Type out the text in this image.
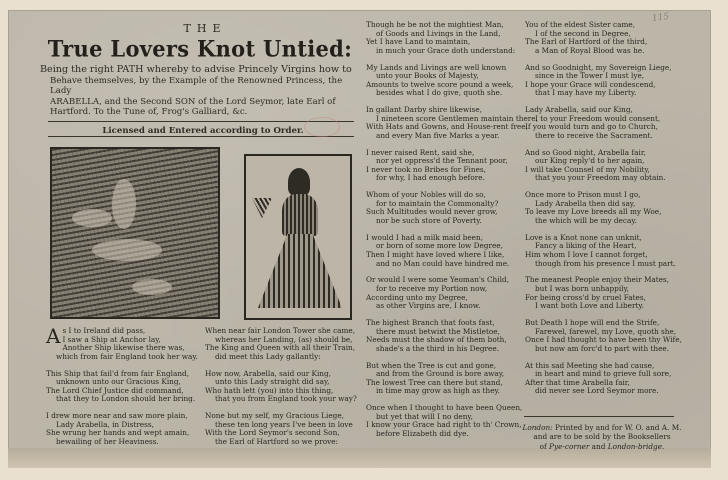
115
THE
True Lovers Knot Untied:
Being the right PATH whereby to advise Princely Virgins how to
Behave themselves, by the Example of the Renowned Princess, the Lady
ARABELLA, and the Second SON of the Lord Seymor, late Earl of
Hartford. To the Tune of, Frog's Galliard, &c.
Licensed and Entered according to Order.
A s I to Ireland did pass,
I saw a Ship at Anchor lay,
Another Ship likewise there was,
which from fair England took her way.
This Ship that fail'd from fair England,
unknown unto our Gracious King,
The Lord Chief Justice did command,
that they to London should her bring.
I drew more near and saw more plain,
Lady Arabella, in Distress,
She wrung her hands and wept amain,
bewailing of her Heaviness.
When near fair London Tower she came,
whereas her Landing, (as) should be,
The King and Queen with all their Train,
did meet this Lady gallantly:
How now, Arabella, said our King,
unto this Lady straight did say,
Who hath lett (you) into this thing,
that you from England took your way?
None but my self, my Gracious Liege,
these ten long years I've been in love
With the Lord Seymor's second Son,
the Earl of Hartford so we prove:
Though he be not the mightiest Man,
of Goods and Livings in the Land,
Yet I have Land to maintain,
in much your Grace doth understand:
My Lands and Livings are well known
unto your Books of Majesty,
Amounts to twelve score pound a week,
besides what I do give, quoth she.
In gallant Darby shire likewise,
I nineteen score Gentlemen maintain there,
With Hats and Gowns, and House-rent free,
and every Man five Marks a year.
I never raised Rent, said she,
nor yet oppress'd the Tennant poor,
I never took no Bribes for Fines,
for why, I had enough before.
Whom of your Nobles will do so,
for to maintain the Commonalty?
Such Multitudes would never grow,
nor be such store of Poverty.
I would I had a milk maid been,
or born of some more low Degree,
Then I might have loved where I like,
and no Man could have hindred me.
Or would I were some Yeoman's Child,
for to receive my Portion now,
According unto my Degree,
as other Virgins are, I know.
The highest Branch that foots fast,
there must betwixt the Mistletoe,
Needs must the shadow of them both,
shade's a the third in his Degree.
But when the Tree is cut and gone,
and from the Ground is bore away,
The lowest Tree can there but stand,
in time may grow as high as they.
Once when I thought to have been Queen,
but yet that will I no deny,
I know your Grace had right to th' Crown,
before Elizabeth did dye.
You of the eldest Sister came,
I of the second in Degree,
The Earl of Hartford of the third,
a Man of Royal Blood was he.
And so Goodnight, my Sovereign Liege,
since in the Tower I must lye,
I hope your Grace will condescend,
that I may have my Liberty.
Lady Arabella, said our King,
I to your Freedom would consent,
If you would turn and go to Church,
there to receive the Sacrament.
And so Good night, Arabella fair,
our King reply'd to her again,
I will take Counsel of my Nobility,
that you your Freedom may obtain.
Once more to Prison must I go,
Lady Arabella then did say,
To leave my Love breeds all my Woe,
the which will be my decay.
Love is a Knot none can unknit,
Fancy a liking of the Heart,
Him whom I love I cannot forget,
though from his presence I must part.
The meanest People enjoy their Mates,
but I was born unhappily,
For being cross'd by cruel Fates,
I want both Love and Liberty.
But Death I hope will end the Strife,
Farewel, farewel, my Love, quoth she,
Once I had thought to have been thy Wife,
but now am forc'd to part with thee.
At this sad Meeting she had cause,
in heart and mind to grieve full sore,
After that time Arabella fair,
did never see Lord Seymor more.
London: Printed by and for W. O. and A. M.
and are to be sold by the Booksellers
of Pye-corner and London-bridge.
